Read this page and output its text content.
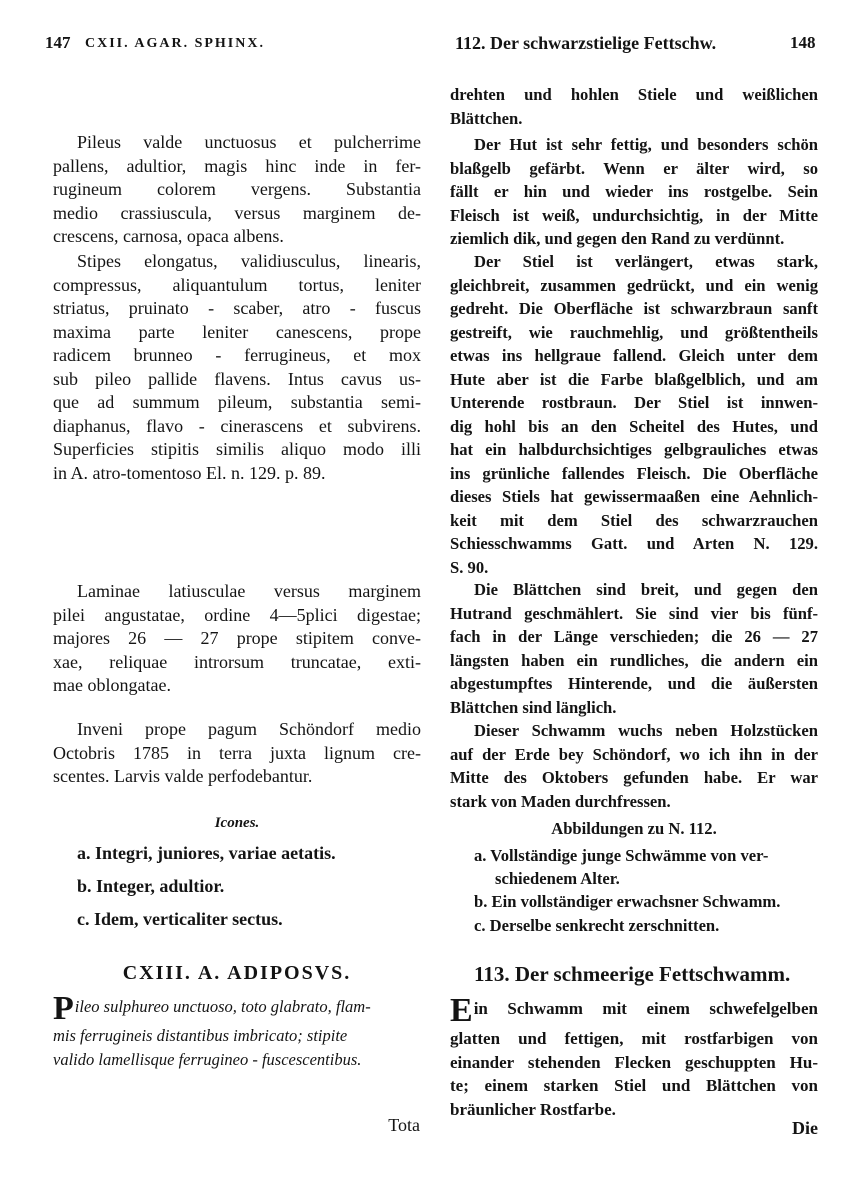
147 CXII. AGAR. SPHINX.
Pileus valde unctuosus et pulcherrime
pallens, adultior, magis hinc inde in fer-
rugineum colorem vergens. Substantia
medio crassiuscula, versus marginem de-
crescens, carnosa, opaca albens.
Stipes elongatus, validiusculus, linearis,
compressus, aliquantulum tortus, leniter
striatus, pruinato - scaber, atro - fuscus
maxima parte leniter canescens, prope
radicem brunneo - ferrugineus, et mox
sub pileo pallide flavens. Intus cavus us-
que ad summum pileum, substantia semi-
diaphanus, flavo - cinerascens et subvirens.
Superficies stipitis similis aliquo modo illi
in A. atro-tomentoso El. n. 129. p. 89.
Laminae latiusculae versus marginem
pilei angustatae, ordine 4—5plici digestae;
majores 26 — 27 prope stipitem conve-
xae, reliquae introrsum truncatae, exti-
mae oblongatae.
Inveni prope pagum Schöndorf medio
Octobris 1785 in terra juxta lignum cre-
scentes. Larvis valde perfodebantur.
Icones.
a. Integri, juniores, variae aetatis.
b. Integer, adultior.
c. Idem, verticaliter sectus.
CXIII. A. ADIPOSVS.
P ileo sulphureo unctuoso, toto glabrato, flam-
mis ferrugineis distantibus imbricato; stipite
valido lamellisque ferrugineo - fuscescentibus.
Tota
112. Der schwarzstielige Fettschw.	148
drehten und hohlen Stiele und weißlichen
Blättchen.
Der Hut ist sehr fettig, und besonders schön
blaßgelb gefärbt. Wenn er älter wird, so
fällt er hin und wieder ins rostgelbe. Sein
Fleisch ist weiß, undurchsichtig, in der Mitte
ziemlich dik, und gegen den Rand zu verdünnt.
Der Stiel ist verlängert, etwas stark,
gleichbreit, zusammen gedrückt, und ein wenig
gedreht. Die Oberfläche ist schwarzbraun sanft
gestreift, wie rauchmehlig, und größtentheils
etwas ins hellgraue fallend. Gleich unter dem
Hute aber ist die Farbe blaßgelblich, und am
Unterende rostbraun. Der Stiel ist innwen-
dig hohl bis an den Scheitel des Hutes, und
hat ein halbdurchsichtiges gelbgrauliches etwas
ins grünliche fallendes Fleisch. Die Oberfläche
dieses Stiels hat gewissermaaßen eine Aehnlich-
keit mit dem Stiel des schwarzrauchen
Schiesschwamms Gatt. und Arten N. 129.
S. 90.
Die Blättchen sind breit, und gegen den
Hutrand geschmählert. Sie sind vier bis fünf-
fach in der Länge verschieden; die 26 — 27
längsten haben ein rundliches, die andern ein
abgestumpftes Hinterende, und die äußersten
Blättchen sind länglich.
Dieser Schwamm wuchs neben Holzstücken
auf der Erde bey Schöndorf, wo ich ihn in der
Mitte des Oktobers gefunden habe. Er war
stark von Maden durchfressen.
Abbildungen zu N. 112.
a. Vollständige junge Schwämme von ver-
schiedenem Alter.
b. Ein vollständiger erwachsner Schwamm.
c. Derselbe senkrecht zerschnitten.
113. Der schmeerige Fettschwamm.
E in Schwamm mit einem schwefelgelben
glatten und fettigen, mit rostfarbigen von
einander stehenden Flecken geschuppten Hu-
te; einem starken Stiel und Blättchen von
bräunlicher Rostfarbe.
Die
